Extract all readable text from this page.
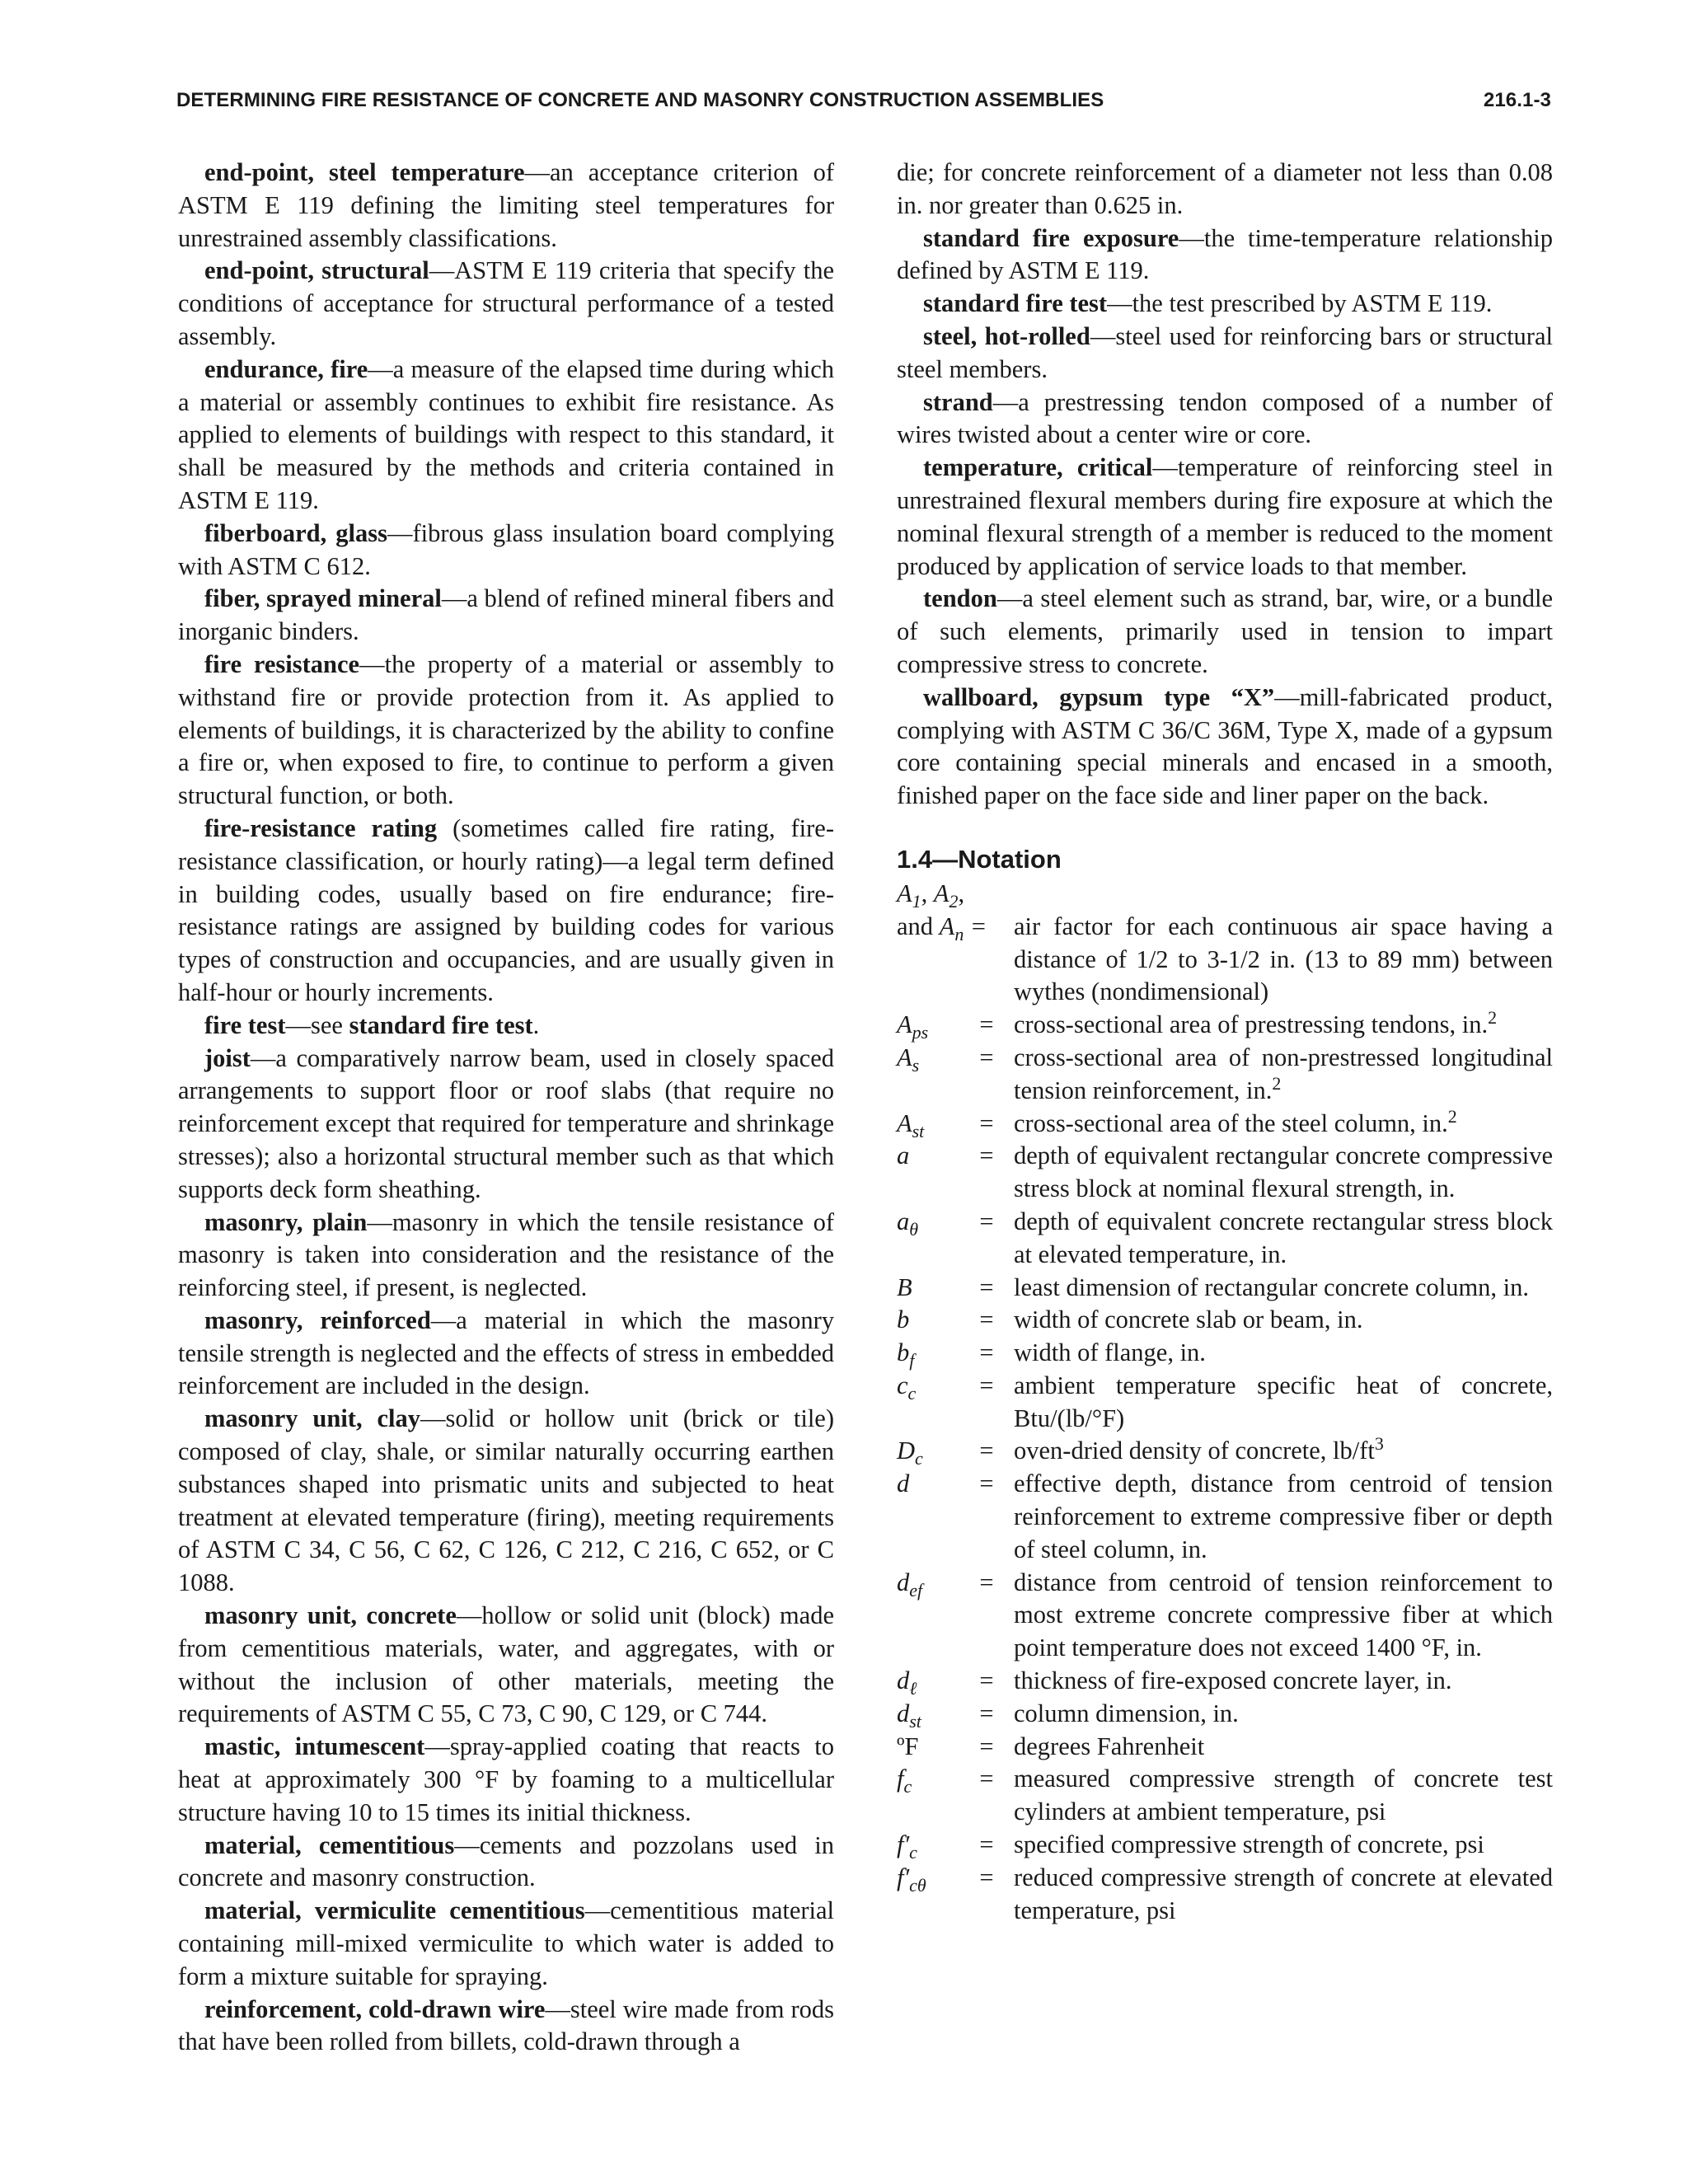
DETERMINING FIRE RESISTANCE OF CONCRETE AND MASONRY CONSTRUCTION ASSEMBLIES	216.1-3

end-point, steel temperature—an acceptance criterion of ASTM E 119 defining the limiting steel temperatures for unrestrained assembly classifications.

end-point, structural—ASTM E 119 criteria that specify the conditions of acceptance for structural performance of a tested assembly.

endurance, fire—a measure of the elapsed time during which a material or assembly continues to exhibit fire resistance. As applied to elements of buildings with respect to this standard, it shall be measured by the methods and criteria contained in ASTM E 119.

fiberboard, glass—fibrous glass insulation board complying with ASTM C 612.

fiber, sprayed mineral—a blend of refined mineral fibers and inorganic binders.

fire resistance—the property of a material or assembly to withstand fire or provide protection from it. As applied to elements of buildings, it is characterized by the ability to confine a fire or, when exposed to fire, to continue to perform a given structural function, or both.

fire-resistance rating (sometimes called fire rating, fire-resistance classification, or hourly rating)—a legal term defined in building codes, usually based on fire endurance; fire-resistance ratings are assigned by building codes for various types of construction and occupancies, and are usually given in half-hour or hourly increments.

fire test—see standard fire test.

joist—a comparatively narrow beam, used in closely spaced arrangements to support floor or roof slabs (that require no reinforcement except that required for temperature and shrinkage stresses); also a horizontal structural member such as that which supports deck form sheathing.

masonry, plain—masonry in which the tensile resistance of masonry is taken into consideration and the resistance of the reinforcing steel, if present, is neglected.

masonry, reinforced—a material in which the masonry tensile strength is neglected and the effects of stress in embedded reinforcement are included in the design.

masonry unit, clay—solid or hollow unit (brick or tile) composed of clay, shale, or similar naturally occurring earthen substances shaped into prismatic units and subjected to heat treatment at elevated temperature (firing), meeting requirements of ASTM C 34, C 56, C 62, C 126, C 212, C 216, C 652, or C 1088.

masonry unit, concrete—hollow or solid unit (block) made from cementitious materials, water, and aggregates, with or without the inclusion of other materials, meeting the requirements of ASTM C 55, C 73, C 90, C 129, or C 744.

mastic, intumescent—spray-applied coating that reacts to heat at approximately 300 °F by foaming to a multicellular structure having 10 to 15 times its initial thickness.

material, cementitious—cements and pozzolans used in concrete and masonry construction.

material, vermiculite cementitious—cementitious material containing mill-mixed vermiculite to which water is added to form a mixture suitable for spraying.

reinforcement, cold-drawn wire—steel wire made from rods that have been rolled from billets, cold-drawn through a

die; for concrete reinforcement of a diameter not less than 0.08 in. nor greater than 0.625 in.

standard fire exposure—the time-temperature relationship defined by ASTM E 119.

standard fire test—the test prescribed by ASTM E 119.

steel, hot-rolled—steel used for reinforcing bars or structural steel members.

strand—a prestressing tendon composed of a number of wires twisted about a center wire or core.

temperature, critical—temperature of reinforcing steel in unrestrained flexural members during fire exposure at which the nominal flexural strength of a member is reduced to the moment produced by application of service loads to that member.

tendon—a steel element such as strand, bar, wire, or a bundle of such elements, primarily used in tension to impart compressive stress to concrete.

wallboard, gypsum type “X”—mill-fabricated product, complying with ASTM C 36/C 36M, Type X, made of a gypsum core containing special minerals and encased in a smooth, finished paper on the face side and liner paper on the back.

1.4—Notation
$A_1$, $A_2$,
and $A_n$ =	air factor for each continuous air space having a distance of 1/2 to 3-1/2 in. (13 to 89 mm) between wythes (nondimensional)
$A_{ps}$	= cross-sectional area of prestressing tendons, in.$^2$
$A_s$	= cross-sectional area of non-prestressed longitudinal tension reinforcement, in.$^2$
$A_{st}$	= cross-sectional area of the steel column, in.$^2$
a	= depth of equivalent rectangular concrete compressive stress block at nominal flexural strength, in.
$a_\theta$	= depth of equivalent concrete rectangular stress block at elevated temperature, in.
B	= least dimension of rectangular concrete column, in.
b	= width of concrete slab or beam, in.
$b_f$	= width of flange, in.
$c_c$	= ambient temperature specific heat of concrete, Btu/(lb/°F)
$D_c$	= oven-dried density of concrete, $lb/ft^3$
d	= effective depth, distance from centroid of tension reinforcement to extreme compressive fiber or depth of steel column, in.
$d_{ef}$	= distance from centroid of tension reinforcement to most extreme concrete compressive fiber at which point temperature does not exceed 1400 °F, in.
$d_\ell$	= thickness of fire-exposed concrete layer, in.
$d_{st}$	= column dimension, in.
ºF	= degrees Fahrenheit
$f_c$	= measured compressive strength of concrete test cylinders at ambient temperature, psi
$f'_c$	= specified compressive strength of concrete, psi
$f'_{c\theta}$	= reduced compressive strength of concrete at elevated temperature, psi
